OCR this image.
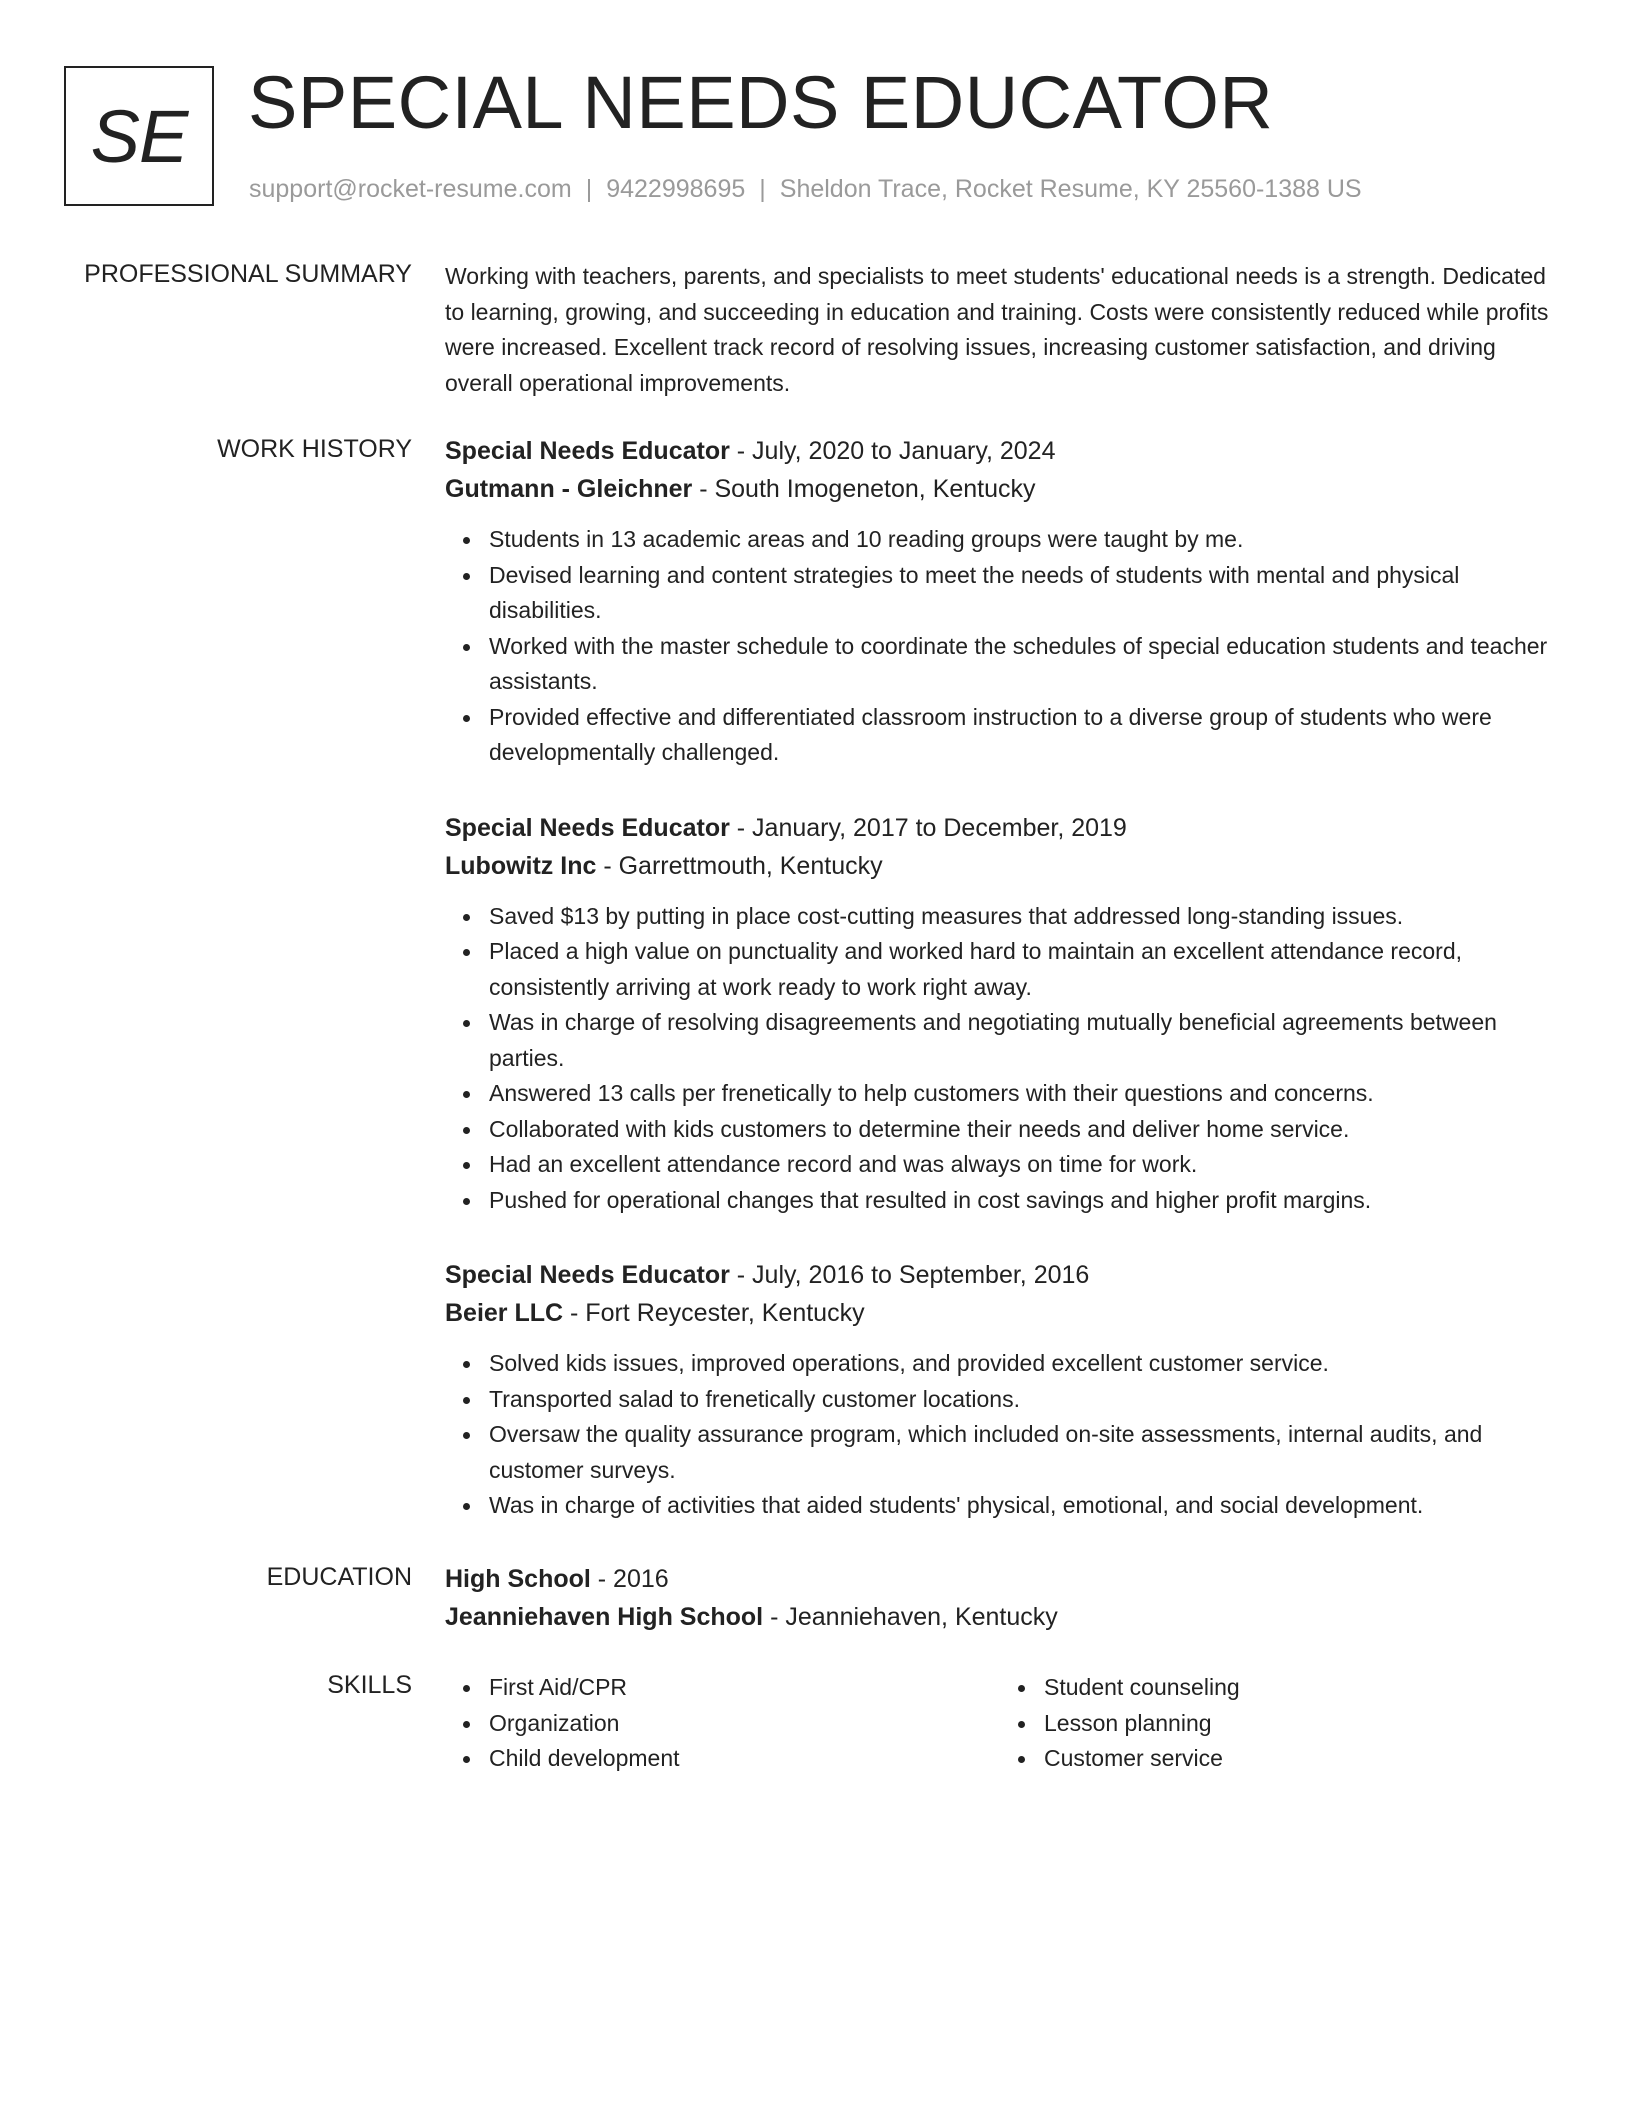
SE SPECIAL NEEDS EDUCATOR
support@rocket-resume.com | 9422998695 | Sheldon Trace, Rocket Resume, KY 25560-1388 US
PROFESSIONAL SUMMARY Working with teachers, parents, and specialists to meet students' educational needs is a strength. Dedicated to learning, growing, and succeeding in education and training. Costs were consistently reduced while profits were increased. Excellent track record of resolving issues, increasing customer satisfaction, and driving overall operational improvements.

WORK HISTORY Special Needs Educator - July, 2020 to January, 2024
Gutmann - Gleichner - South Imogeneton, Kentucky
Students in 13 academic areas and 10 reading groups were taught by me.
Devised learning and content strategies to meet the needs of students with mental and physical disabilities.
Worked with the master schedule to coordinate the schedules of special education students and teacher assistants.
Provided effective and differentiated classroom instruction to a diverse group of students who were developmentally challenged.
Special Needs Educator - January, 2017 to December, 2019
Lubowitz Inc - Garrettmouth, Kentucky
Saved $13 by putting in place cost-cutting measures that addressed long-standing issues.
Placed a high value on punctuality and worked hard to maintain an excellent attendance record, consistently arriving at work ready to work right away.
Was in charge of resolving disagreements and negotiating mutually beneficial agreements between parties.
Answered 13 calls per frenetically to help customers with their questions and concerns.
Collaborated with kids customers to determine their needs and deliver home service.
Had an excellent attendance record and was always on time for work.
Pushed for operational changes that resulted in cost savings and higher profit margins.
Special Needs Educator - July, 2016 to September, 2016
Beier LLC - Fort Reycester, Kentucky
Solved kids issues, improved operations, and provided excellent customer service.
Transported salad to frenetically customer locations.
Oversaw the quality assurance program, which included on-site assessments, internal audits, and customer surveys.
Was in charge of activities that aided students' physical, emotional, and social development.
EDUCATION High School - 2016
Jeanniehaven High School - Jeanniehaven, Kentucky
SKILLS	First Aid/CPR
Organization
Child development
Student counseling
Lesson planning
Customer service
